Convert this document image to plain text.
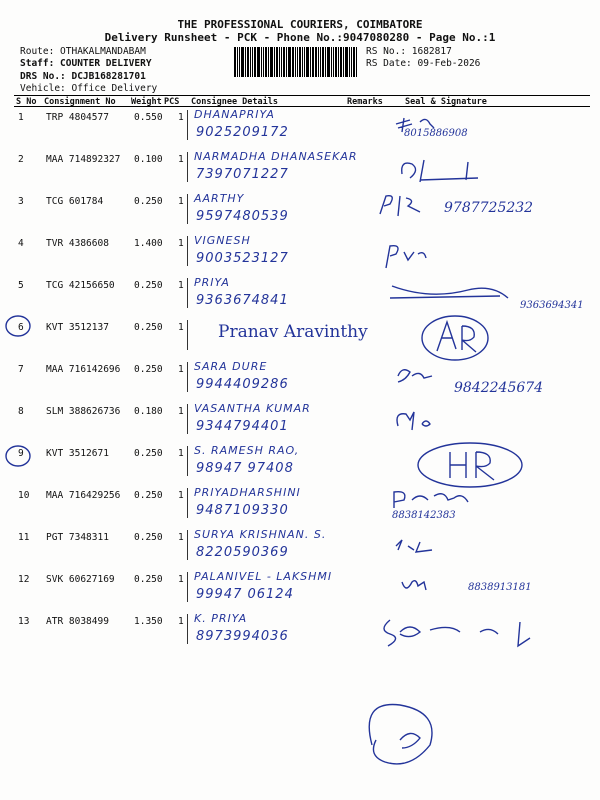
THE PROFESSIONAL COURIERS, COIMBATORE
Delivery Runsheet - PCK - Phone No.:9047080280 - Page No.:1
Route: OTHAKALMANDABAM
Staff: COUNTER DELIVERY
DRS No.: DCJB168281701
Vehicle: Office Delivery
RS No.: 1682817
RS Date: 09-Feb-2026
S No Consignment No Weight PCS Consignee Details	Remarks	Seal & Signature
1 TRP 4804577	0.550 1 DHANAPRIYA
9025209172	8015886908
2 MAA 714892327 0.100 1 NARMADHA DHANASEKAR
7397071227
3 TCG 601784	0.250 1 AARTHY
9597480539
9787725232
4 TVR 4386608	1.400 1 VIGNESH
9003523127
5 TCG 42156650 0.250 1 PRIYA
9363674841	9363694341
6 KVT 3512137	0.250 1 Pranav Aravinthy
7 MAA 716142696 0.250 1 SARA DURE
9944409286	9842245674
8 SLM 388626736 0.180 1 VASANTHA KUMAR
9344794401
9 KVT 3512671	0.250 1 S. RAMESH RAO,
98947 97408
10 MAA 716429256 0.250 1 PRIYADHARSHINI
9487109330	8838142383
11 PGT 7348311	0.250 1 SURYA KRISHNAN. S.
8220590369
12 SVK 60627169 0.250 1 PALANIVEL - LAKSHMI
99947 06124	8838913181
13 ATR 8038499	1.350 1 K. PRIYA
8973994036
